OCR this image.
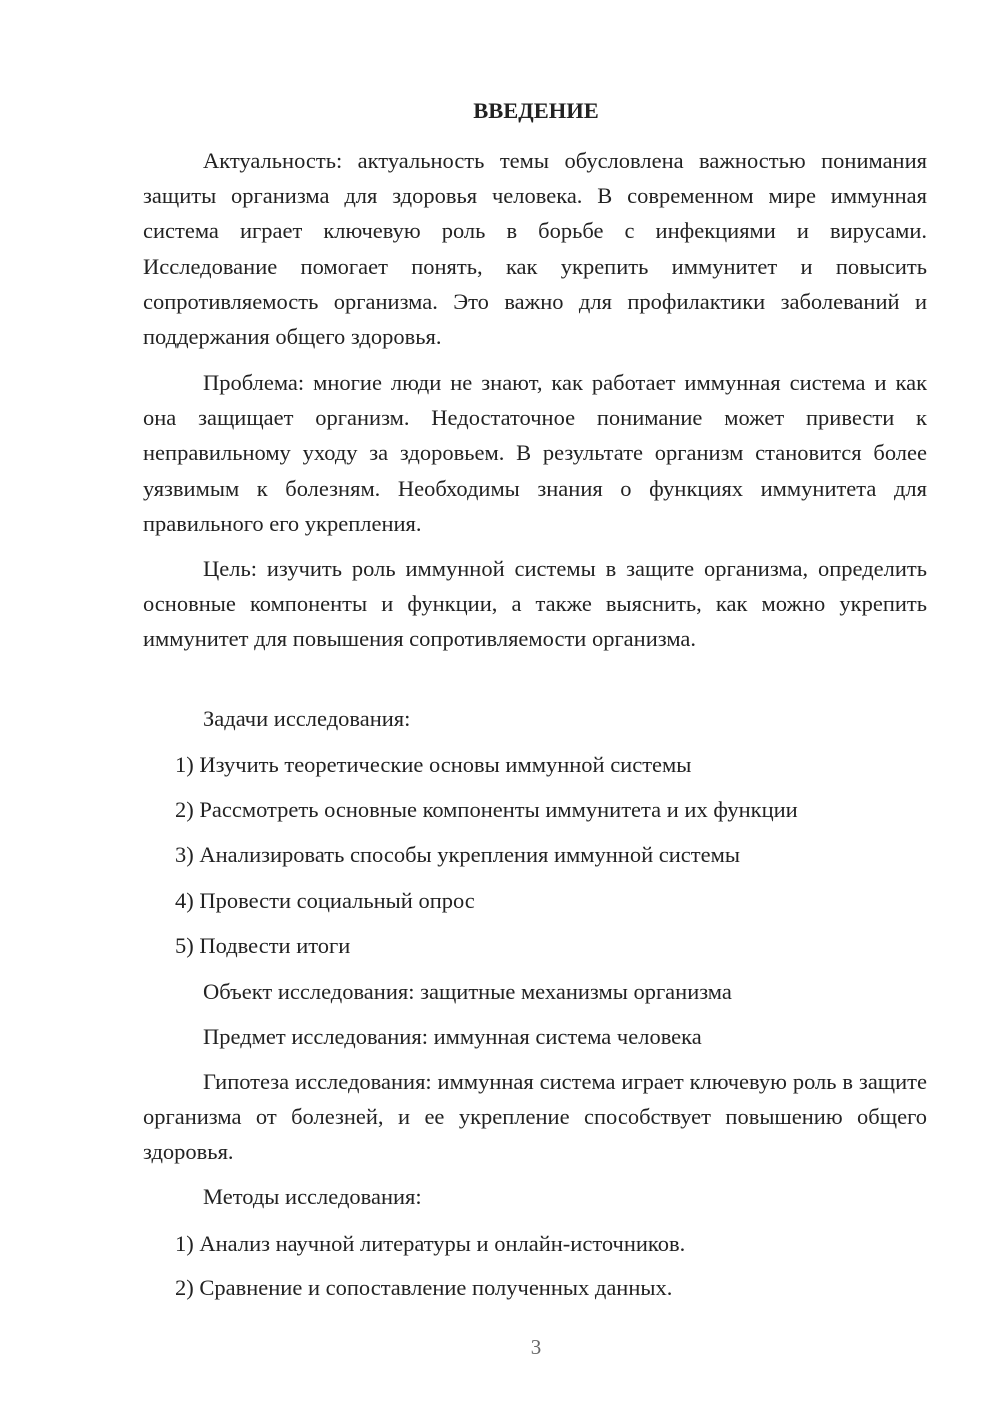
ВВЕДЕНИЕ

Актуальность: актуальность темы обусловлена важностью понимания защиты организма для здоровья человека. В современном мире иммунная система играет ключевую роль в борьбе с инфекциями и вирусами. Исследование помогает понять, как укрепить иммунитет и повысить сопротивляемость организма. Это важно для профилактики заболеваний и поддержания общего здоровья.

Проблема: многие люди не знают, как работает иммунная система и как она защищает организм. Недостаточное понимание может привести к неправильному уходу за здоровьем. В результате организм становится более уязвимым к болезням. Необходимы знания о функциях иммунитета для правильного его укрепления.

Цель: изучить роль иммунной системы в защите организма, определить основные компоненты и функции, а также выяснить, как можно укрепить иммунитет для повышения сопротивляемости организма.

Задачи исследования:

1) Изучить теоретические основы иммунной системы

2) Рассмотреть основные компоненты иммунитета и их функции

3) Анализировать способы укрепления иммунной системы

4) Провести социальный опрос

5) Подвести итоги

Объект исследования: защитные механизмы организма

Предмет исследования: иммунная система человека

Гипотеза исследования: иммунная система играет ключевую роль в защите организма от болезней, и ее укрепление способствует повышению общего здоровья.

Методы исследования:

1) Анализ научной литературы и онлайн-источников.

2) Сравнение и сопоставление полученных данных.

3
